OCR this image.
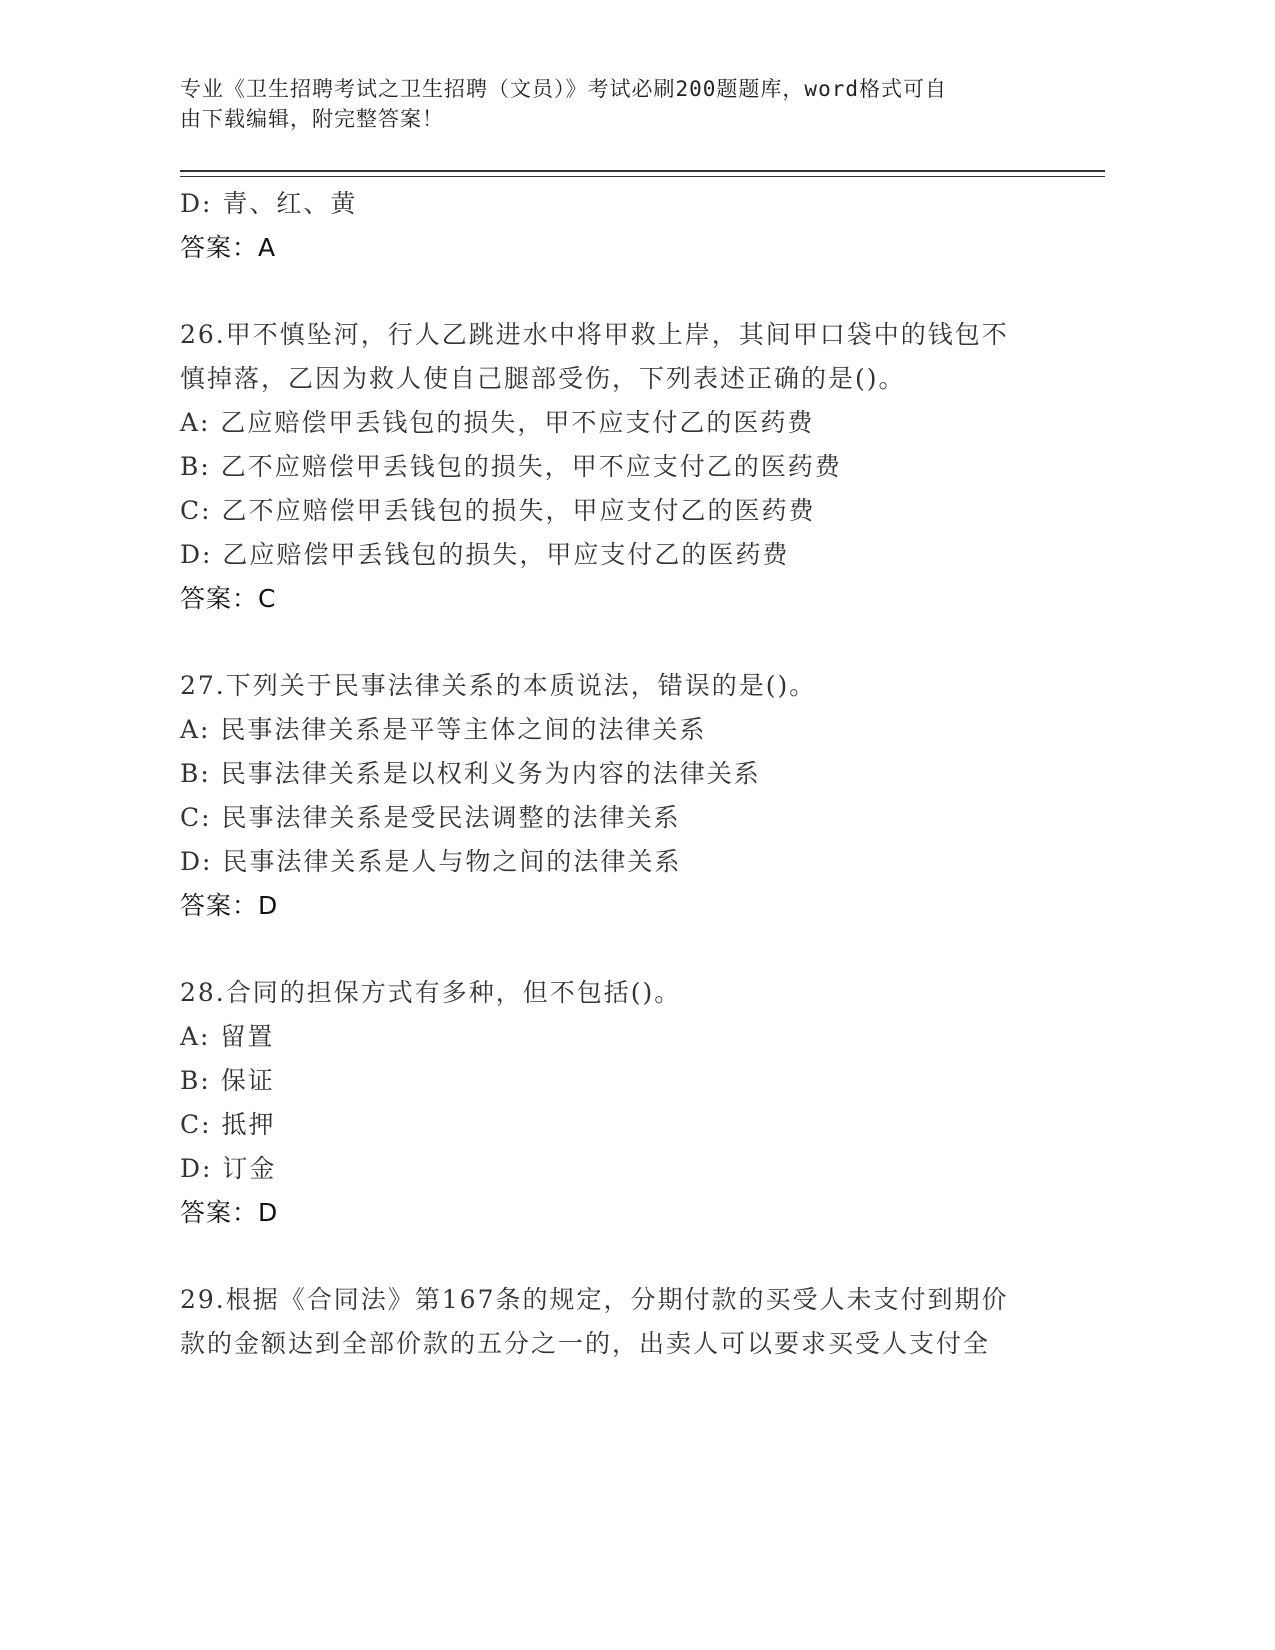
专业《卫生招聘考试之卫生招聘（文员）》考试必刷200题题库，word格式可自
由下载编辑，附完整答案！
D: 青、红、黄
答案：A
26.甲不慎坠河，行人乙跳进水中将甲救上岸，其间甲口袋中的钱包不
慎掉落，乙因为救人使自己腿部受伤，下列表述正确的是()。
A: 乙应赔偿甲丢钱包的损失，甲不应支付乙的医药费
B: 乙不应赔偿甲丢钱包的损失，甲不应支付乙的医药费
C: 乙不应赔偿甲丢钱包的损失，甲应支付乙的医药费
D: 乙应赔偿甲丢钱包的损失，甲应支付乙的医药费
答案：C
27.下列关于民事法律关系的本质说法，错误的是()。
A: 民事法律关系是平等主体之间的法律关系
B: 民事法律关系是以权利义务为内容的法律关系
C: 民事法律关系是受民法调整的法律关系
D: 民事法律关系是人与物之间的法律关系
答案：D
28.合同的担保方式有多种，但不包括()。
A: 留置
B: 保证
C: 抵押
D: 订金
答案：D
29.根据《合同法》第167条的规定，分期付款的买受人未支付到期价
款的金额达到全部价款的五分之一的，出卖人可以要求买受人支付全
